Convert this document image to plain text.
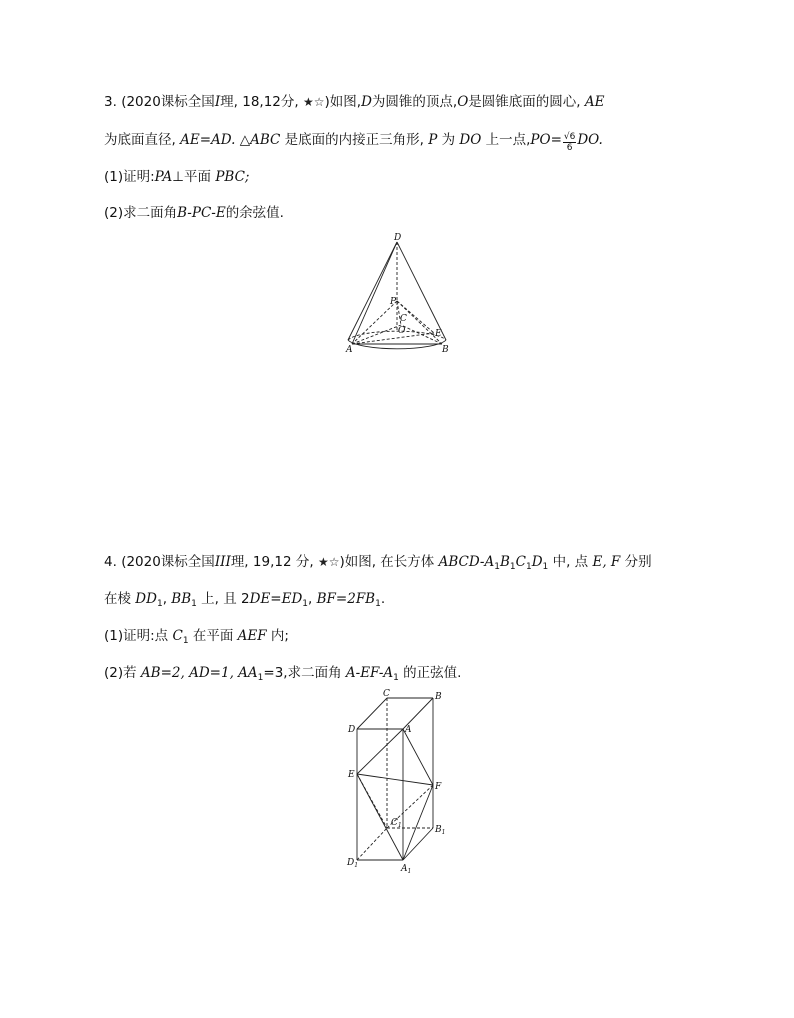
3. (2020课标全国I理, 18,12分, ★☆)如图,D为圆锥的顶点,O是圆锥底面的圆心, AE
为底面直径, AE=AD. △ABC 是底面的内接正三角形, P 为 DO 上一点$,PO= \frac{√6}{6}$ DO.
(1)证明:PA⊥平面 PBC;
(2)求二面角B-PC-E的余弦值.
D
P
C
O	E
A	B
4. (2020课标全国III理, 19,12 分, ★☆)如图, 在长方体 ABCD-$A_1B_1C_1D_1$ 中, 点 E, F 分别
在棱 $DD_1$, $BB_1$ 上, 且 $2DE=ED_1$, $BF=2FB_1$.
(1)证明:点 $C_1$ 在平面 AEF 内;
(2)若 AB=2, AD=1, $AA_1=3$,求二面角 $A-EF-A_1$ 的正弦值.
C	B
D	A
E
F
$C_1$	$B_1$
$D_1$	$A_1$
